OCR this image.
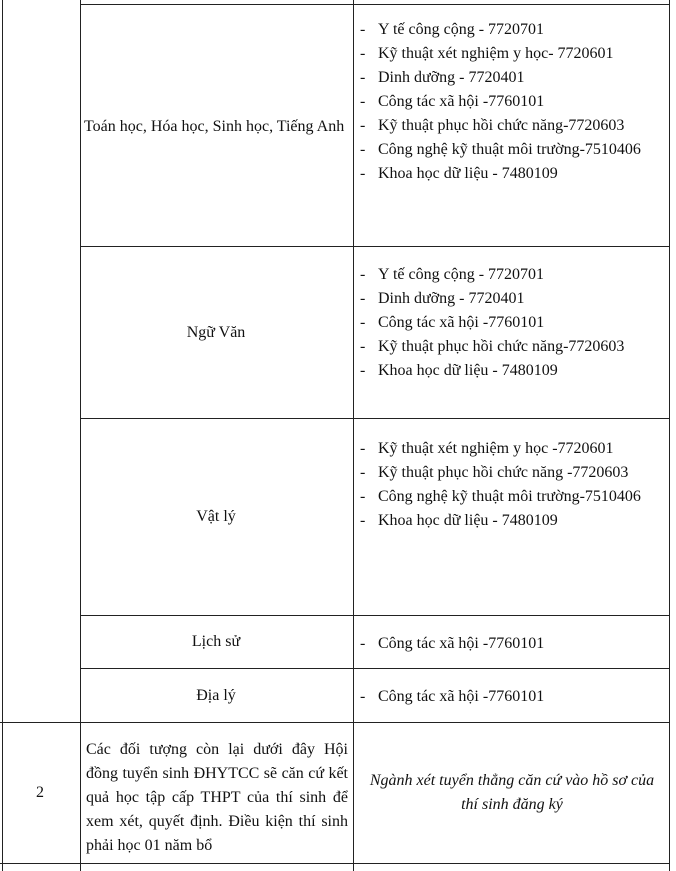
Toán học, Hóa học, Sinh học, Tiếng Anh
- Y tế công cộng - 7720701
- Kỹ thuật xét nghiệm y học- 7720601
- Dinh dưỡng - 7720401
- Công tác xã hội -7760101
- Kỹ thuật phục hồi chức năng-7720603
- Công nghệ kỹ thuật môi trường-7510406
- Khoa học dữ liệu - 7480109
Ngữ Văn
- Y tế công cộng - 7720701
- Dinh dưỡng - 7720401
- Công tác xã hội -7760101
- Kỹ thuật phục hồi chức năng-7720603
- Khoa học dữ liệu - 7480109
Vật lý
- Kỹ thuật xét nghiệm y học -7720601
- Kỹ thuật phục hồi chức năng -7720603
- Công nghệ kỹ thuật môi trường-7510406
- Khoa học dữ liệu - 7480109
Lịch sử	- Công tác xã hội -7760101
Địa lý	- Công tác xã hội -7760101
2
Các đối tượng còn lại dưới đây Hội đồng tuyển sinh ĐHYTCC sẽ căn cứ kết quả học tập cấp THPT của thí sinh để xem xét, quyết định. Điều kiện thí sinh phải học 01 năm bổ
Ngành xét tuyển thẳng căn cứ vào hồ sơ của thí sinh đăng ký
